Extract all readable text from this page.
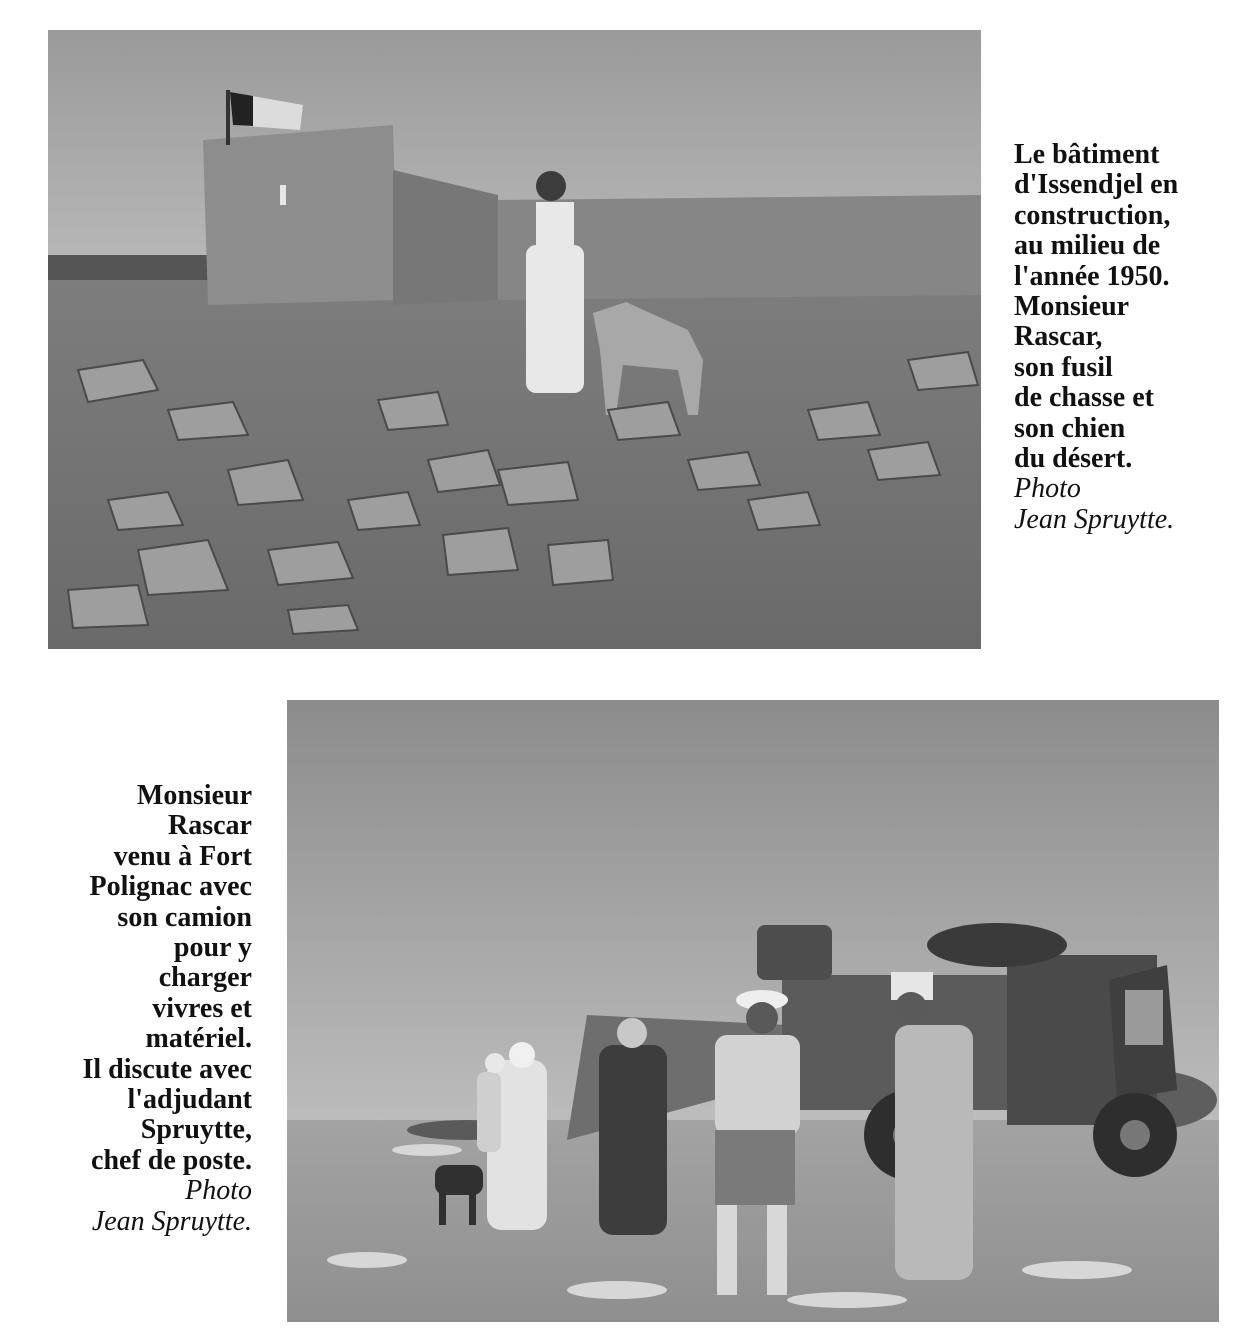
Le bâtiment
d'Issendjel en
construction,
au milieu de
l'année 1950.
Monsieur
Rascar,
son fusil
de chasse et
son chien
du désert.
Photo
Jean Spruytte.
Monsieur
Rascar
venu à Fort
Polignac avec
son camion
pour y
charger
vivres et
matériel.
Il discute avec
l'adjudant
Spruytte,
chef de poste.
Photo
Jean Spruytte.
